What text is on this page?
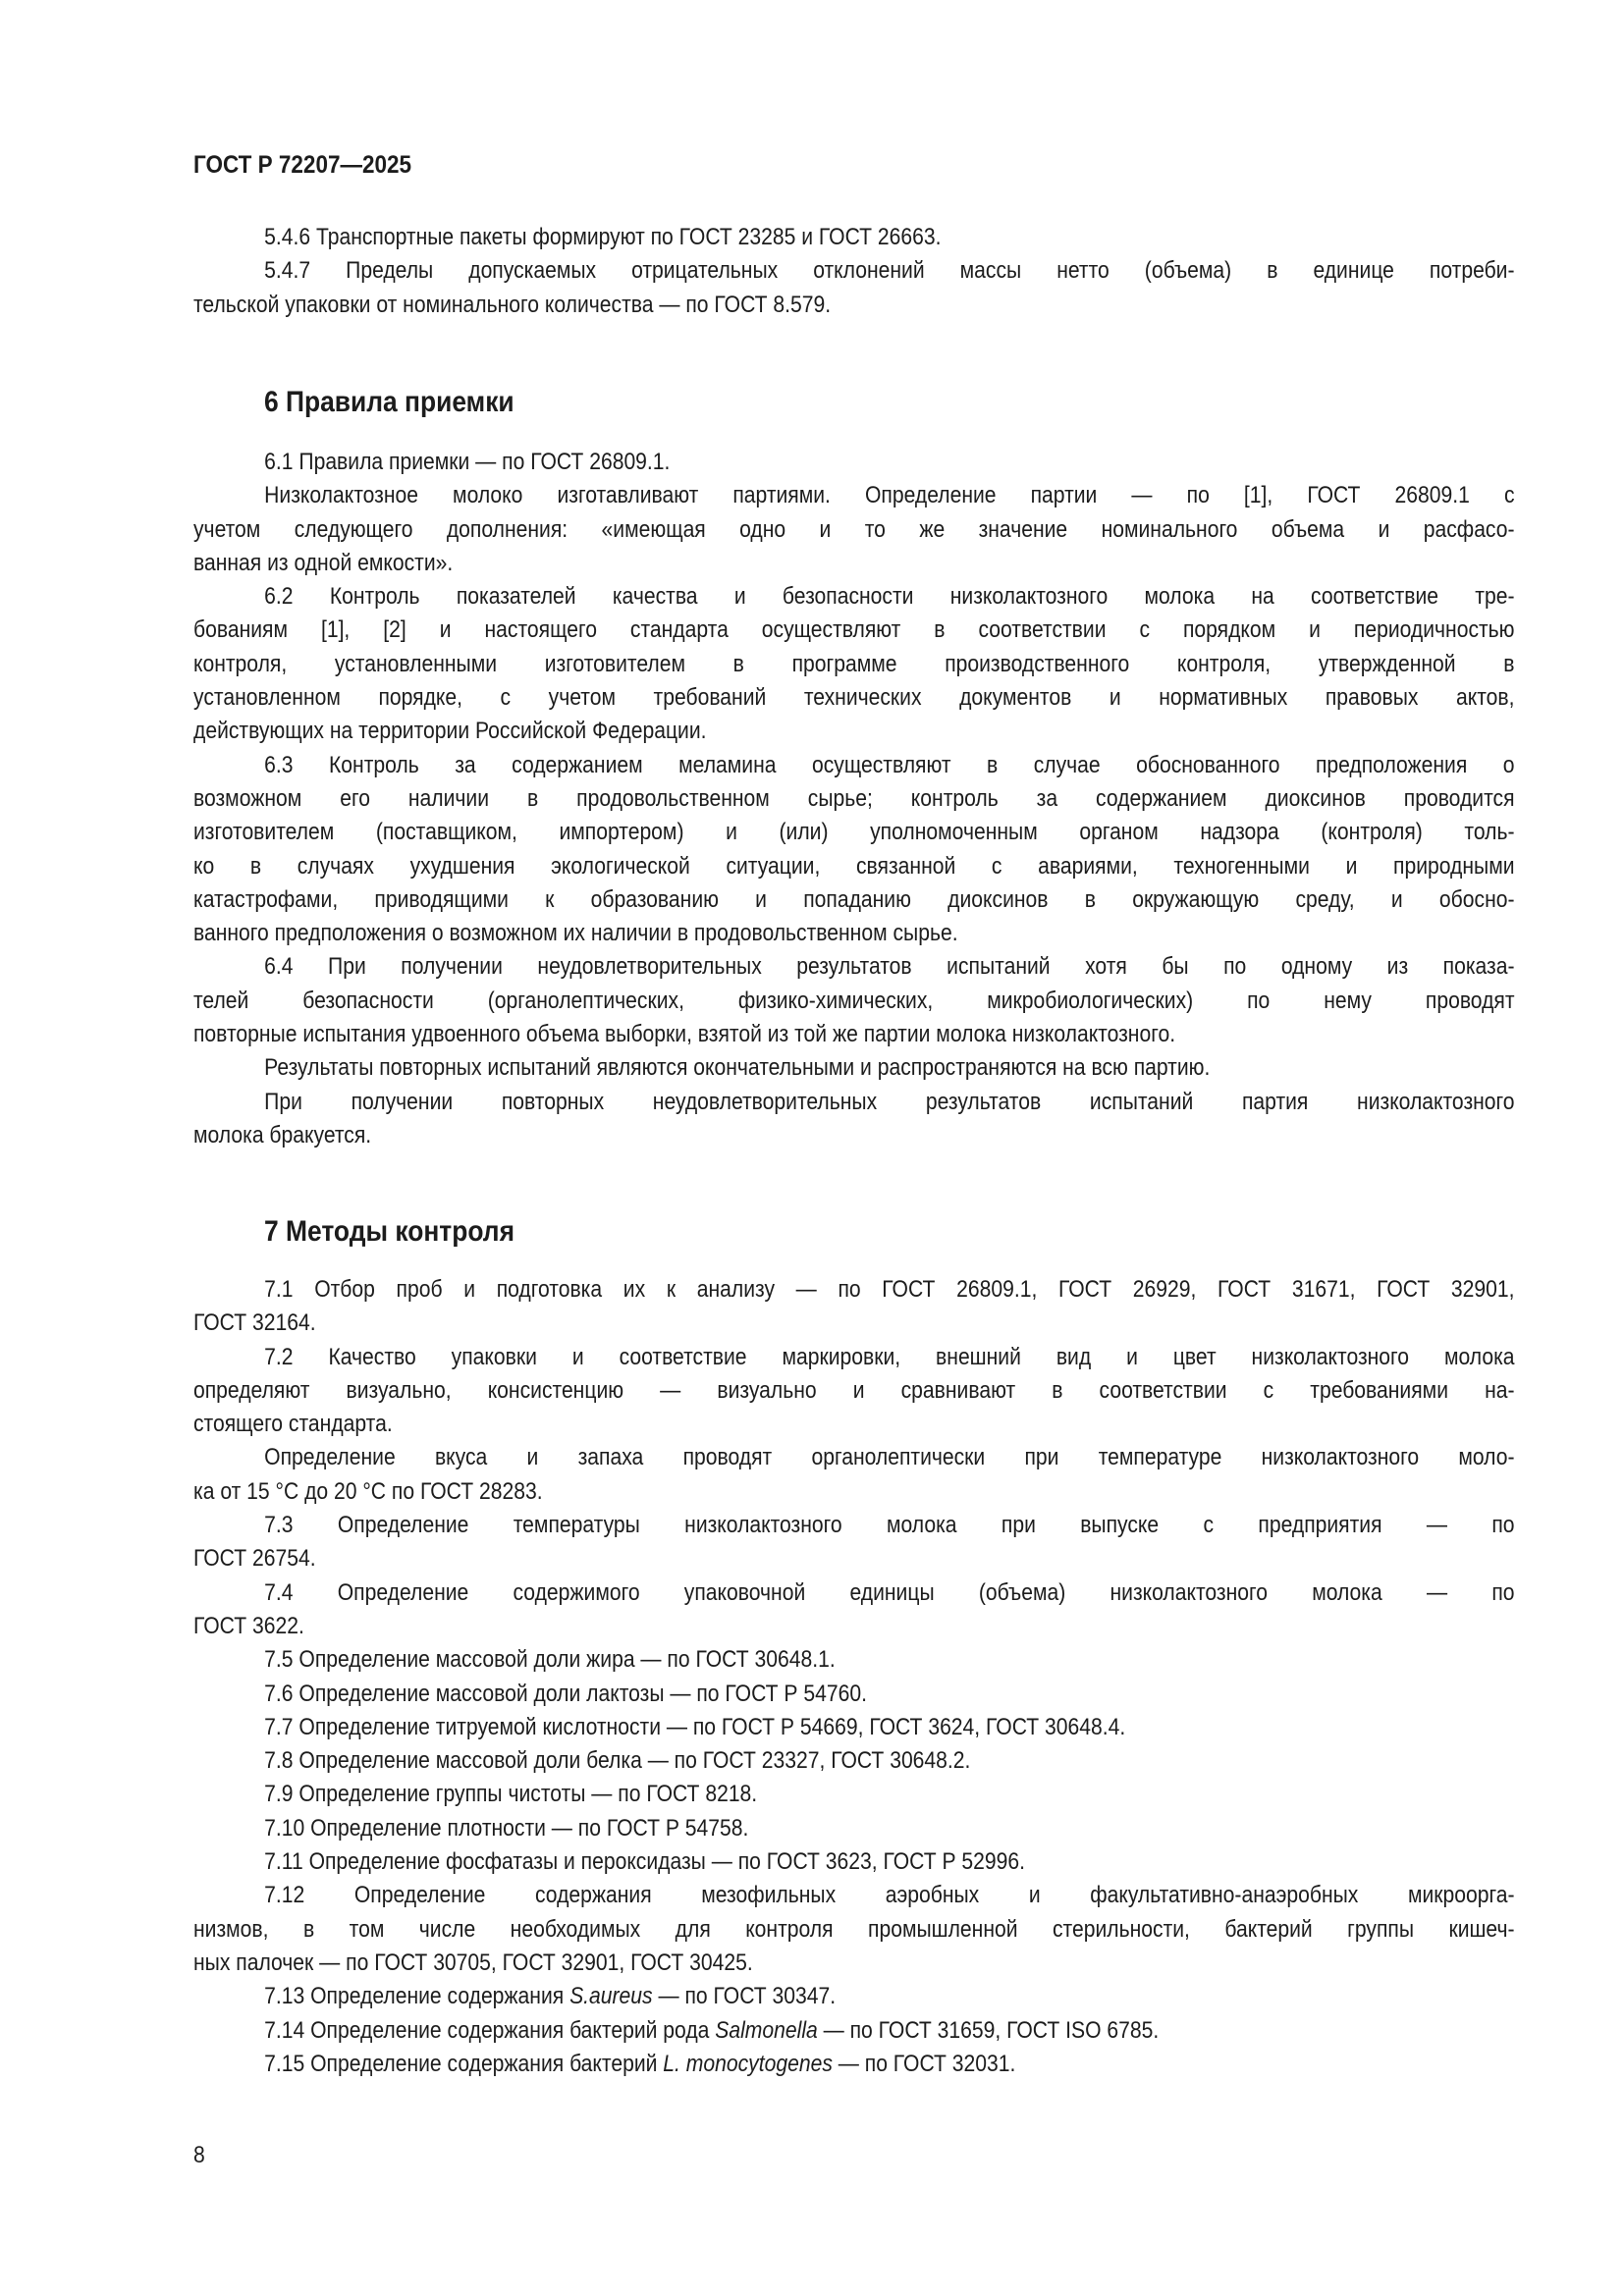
ГОСТ Р 72207—2025
5.4.6 Транспортные пакеты формируют по ГОСТ 23285 и ГОСТ 26663.
5.4.7 Пределы допускаемых отрицательных отклонений массы нетто (объема) в единице потреби-
тельской упаковки от номинального количества — по ГОСТ 8.579.
6 Правила приемки
6.1 Правила приемки — по ГОСТ 26809.1.
Низколактозное молоко изготавливают партиями. Определение партии — по [1], ГОСТ 26809.1 с
учетом следующего дополнения: «имеющая одно и то же значение номинального объема и расфасо-
ванная из одной емкости».
6.2 Контроль показателей качества и безопасности низколактозного молока на соответствие тре-
бованиям [1], [2] и настоящего стандарта осуществляют в соответствии с порядком и периодичностью
контроля, установленными изготовителем в программе производственного контроля, утвержденной в
установленном порядке, с учетом требований технических документов и нормативных правовых актов,
действующих на территории Российской Федерации.
6.3 Контроль за содержанием меламина осуществляют в случае обоснованного предположения о
возможном его наличии в продовольственном сырье; контроль за содержанием диоксинов проводится
изготовителем (поставщиком, импортером) и (или) уполномоченным органом надзора (контроля) толь-
ко в случаях ухудшения экологической ситуации, связанной с авариями, техногенными и природными
катастрофами, приводящими к образованию и попаданию диоксинов в окружающую среду, и обосно-
ванного предположения о возможном их наличии в продовольственном сырье.
6.4 При получении неудовлетворительных результатов испытаний хотя бы по одному из показа-
телей безопасности (органолептических, физико-химических, микробиологических) по нему проводят
повторные испытания удвоенного объема выборки, взятой из той же партии молока низколактозного.
Результаты повторных испытаний являются окончательными и распространяются на всю партию.
При получении повторных неудовлетворительных результатов испытаний партия низколактозного
молока бракуется.
7 Методы контроля
7.1 Отбор проб и подготовка их к анализу — по ГОСТ 26809.1, ГОСТ 26929, ГОСТ 31671, ГОСТ 32901,
ГОСТ 32164.
7.2 Качество упаковки и соответствие маркировки, внешний вид и цвет низколактозного молока
определяют визуально, консистенцию — визуально и сравнивают в соответствии с требованиями на-
стоящего стандарта.
Определение вкуса и запаха проводят органолептически при температуре низколактозного моло-
ка от 15 °С до 20 °С по ГОСТ 28283.
7.3 Определение температуры низколактозного молока при выпуске с предприятия — по
ГОСТ 26754.
7.4 Определение содержимого упаковочной единицы (объема) низколактозного молока — по
ГОСТ 3622.
7.5 Определение массовой доли жира — по ГОСТ 30648.1.
7.6 Определение массовой доли лактозы — по ГОСТ Р 54760.
7.7 Определение титруемой кислотности — по ГОСТ Р 54669, ГОСТ 3624, ГОСТ 30648.4.
7.8 Определение массовой доли белка — по ГОСТ 23327, ГОСТ 30648.2.
7.9 Определение группы чистоты — по ГОСТ 8218.
7.10 Определение плотности — по ГОСТ Р 54758.
7.11 Определение фосфатазы и пероксидазы — по ГОСТ 3623, ГОСТ Р 52996.
7.12 Определение содержания мезофильных аэробных и факультативно-анаэробных микроорга-
низмов, в том числе необходимых для контроля промышленной стерильности, бактерий группы кишеч-
ных палочек — по ГОСТ 30705, ГОСТ 32901, ГОСТ 30425.
7.13 Определение содержания S.aureus — по ГОСТ 30347.
7.14 Определение содержания бактерий рода Salmonella — по ГОСТ 31659, ГОСТ ISO 6785.
7.15 Определение содержания бактерий L. monocytogenes — по ГОСТ 32031.
8
